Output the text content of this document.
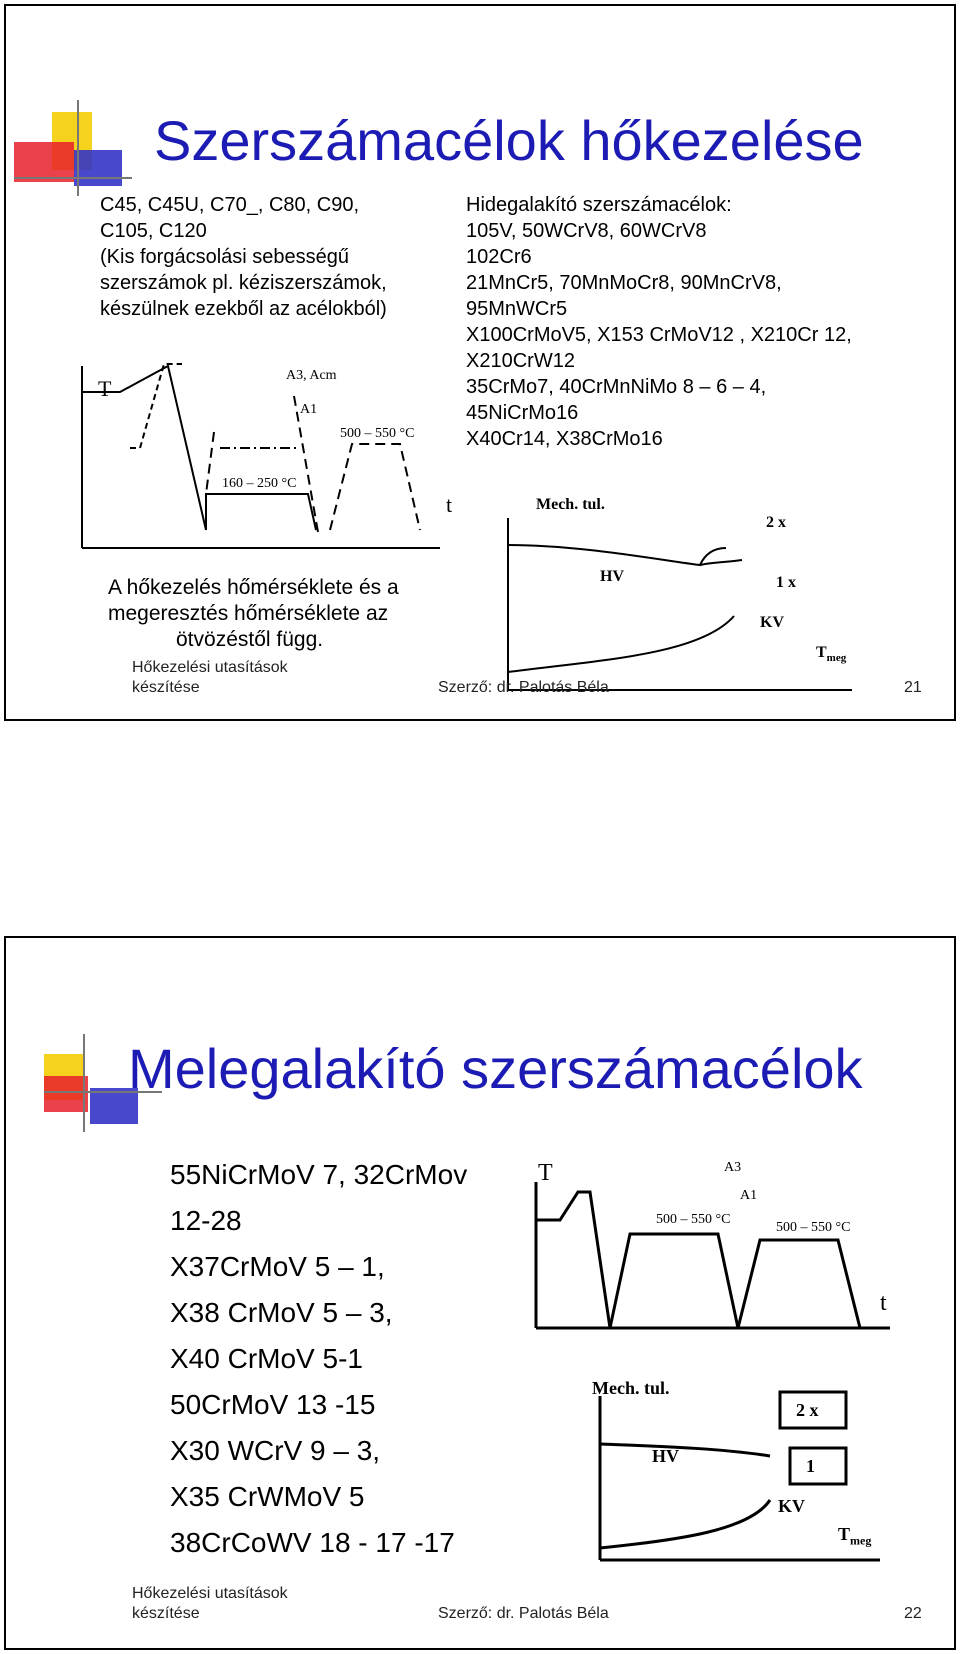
Szerszámacélok hőkezelése
C45, C45U, C70_, C80, C90,
C105, C120
(Kis forgácsolási sebességű
szerszámok pl. kéziszerszámok,
készülnek ezekből az acélokból)
Hidegalakító szerszámacélok:
105V, 50WCrV8, 60WCrV8
102Cr6
21MnCr5, 70MnMoCr8, 90MnCrV8,
95MnWCr5
X100CrMoV5, X153 CrMoV12 , X210Cr 12,
X210CrW12
35CrMo7, 40CrMnNiMo 8 – 6 – 4,
45NiCrMo16
X40Cr14, X38CrMo16
T
A3, Acm
A1
500 – 550 °C
160 – 250 °C
t
A hőkezelés hőmérséklete és a
megeresztés hőmérséklete az
ötvözéstől függ.
Mech. tul.
2 x
HV	1 x
KV
$T_{meg}$
Hőkezelési utasítások
készítése	Szerző: dr. Palotás Béla	21
Melegalakító szerszámacélok
55NiCrMoV 7, 32CrMov
12-28
X37CrMoV 5 – 1,
X38 CrMoV 5 – 3,
X40 CrMoV 5-1
50CrMoV 13 -15
X30 WCrV 9 – 3,
X35 CrWMoV 5
38CrCoWV 18 - 17 -17
T	A3
A1
500 – 550 °C
500 – 550 °C
t
Mech. tul.
2 x
HV	1
KV
$T_{meg}$
Hőkezelési utasítások
készítése	Szerző: dr. Palotás Béla	22
